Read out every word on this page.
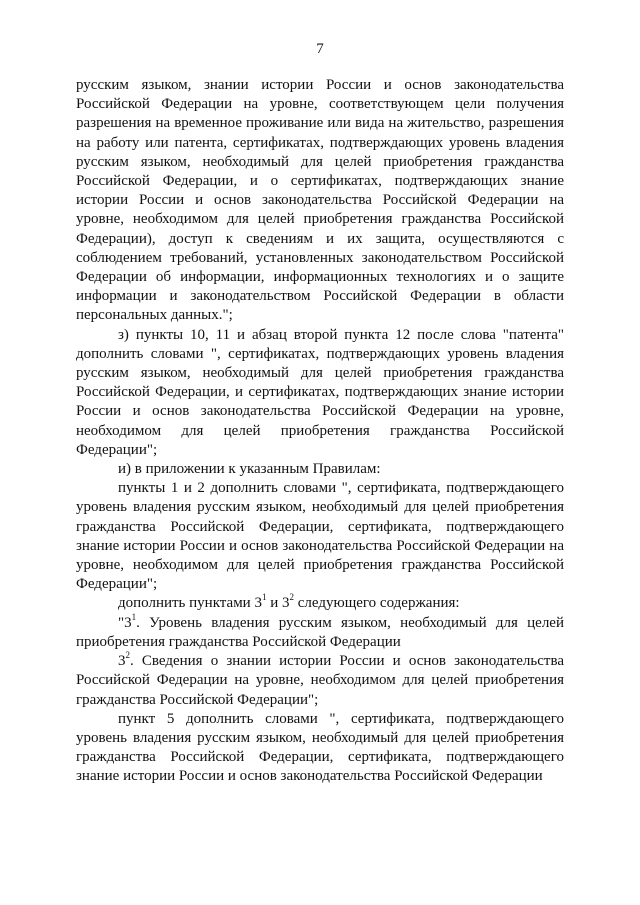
7

русским языком, знании истории России и основ законодательства Российской Федерации на уровне, соответствующем цели получения разрешения на временное проживание или вида на жительство, разрешения на работу или патента, сертификатах, подтверждающих уровень владения русским языком, необходимый для целей приобретения гражданства Российской Федерации, и о сертификатах, подтверждающих знание истории России и основ законодательства Российской Федерации на уровне, необходимом для целей приобретения гражданства Российской Федерации), доступ к сведениям и их защита, осуществляются с соблюдением требований, установленных законодательством Российской Федерации об информации, информационных технологиях и о защите информации и законодательством Российской Федерации в области персональных данных.";

з) пункты 10, 11 и абзац второй пункта 12 после слова "патента" дополнить словами ", сертификатах, подтверждающих уровень владения русским языком, необходимый для целей приобретения гражданства Российской Федерации, и сертификатах, подтверждающих знание истории России и основ законодательства Российской Федерации на уровне, необходимом для целей приобретения гражданства Российской Федерации";

и) в приложении к указанным Правилам:

пункты 1 и 2 дополнить словами ", сертификата, подтверждающего уровень владения русским языком, необходимый для целей приобретения гражданства Российской Федерации, сертификата, подтверждающего знание истории России и основ законодательства Российской Федерации на уровне, необходимом для целей приобретения гражданства Российской Федерации";

дополнить пунктами $3^1$ и $3^2$ следующего содержания:

"$3^1$. Уровень владения русским языком, необходимый для целей приобретения гражданства Российской Федерации

$3^2$. Сведения о знании истории России и основ законодательства Российской Федерации на уровне, необходимом для целей приобретения гражданства Российской Федерации";

пункт 5 дополнить словами ", сертификата, подтверждающего уровень владения русским языком, необходимый для целей приобретения гражданства Российской Федерации, сертификата, подтверждающего знание истории России и основ законодательства Российской Федерации
